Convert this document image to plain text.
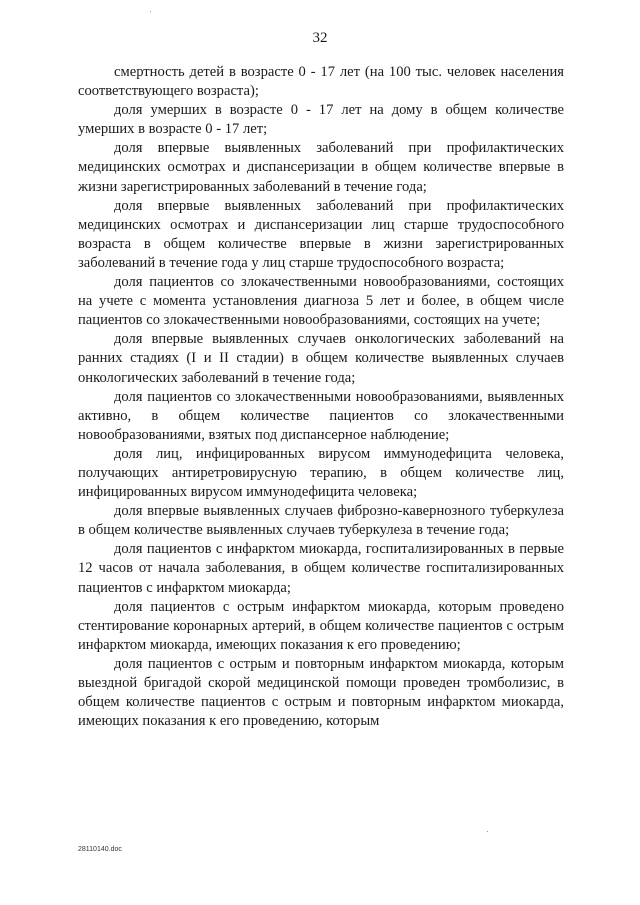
32

смертность детей в возрасте 0 - 17 лет (на 100 тыс. человек населения соответствующего возраста);

доля умерших в возрасте 0 - 17 лет на дому в общем количестве умерших в возрасте 0 - 17 лет;

доля впервые выявленных заболеваний при профилактических медицинских осмотрах и диспансеризации в общем количестве впервые в жизни зарегистрированных заболеваний в течение года;

доля впервые выявленных заболеваний при профилактических медицинских осмотрах и диспансеризации лиц старше трудоспособного возраста в общем количестве впервые в жизни зарегистрированных заболеваний в течение года у лиц старше трудоспособного возраста;

доля пациентов со злокачественными новообразованиями, состоящих на учете с момента установления диагноза 5 лет и более, в общем числе пациентов со злокачественными новообразованиями, состоящих на учете;

доля впервые выявленных случаев онкологических заболеваний на ранних стадиях (I и II стадии) в общем количестве выявленных случаев онкологических заболеваний в течение года;

доля пациентов со злокачественными новообразованиями, выявленных активно, в общем количестве пациентов со злокачественными новообразованиями, взятых под диспансерное наблюдение;

доля лиц, инфицированных вирусом иммунодефицита человека, получающих антиретровирусную терапию, в общем количестве лиц, инфицированных вирусом иммунодефицита человека;

доля впервые выявленных случаев фиброзно-кавернозного туберкулеза в общем количестве выявленных случаев туберкулеза в течение года;

доля пациентов с инфарктом миокарда, госпитализированных в первые 12 часов от начала заболевания, в общем количестве госпитализированных пациентов с инфарктом миокарда;

доля пациентов с острым инфарктом миокарда, которым проведено стентирование коронарных артерий, в общем количестве пациентов с острым инфарктом миокарда, имеющих показания к его проведению;

доля пациентов с острым и повторным инфарктом миокарда, которым выездной бригадой скорой медицинской помощи проведен тромболизис, в общем количестве пациентов с острым и повторным инфарктом миокарда, имеющих показания к его проведению, которым

28110140.doc
